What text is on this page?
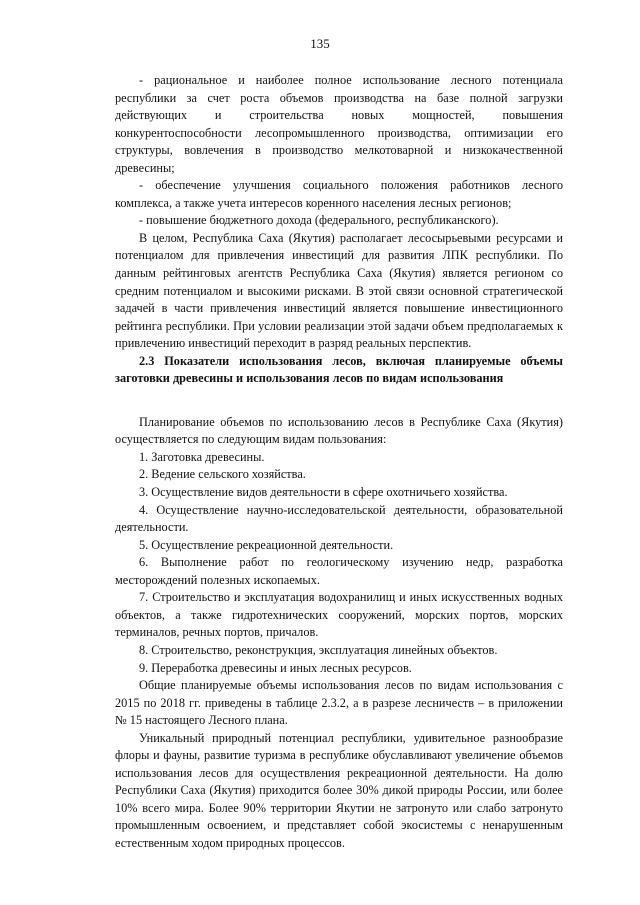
135

- рациональное и наиболее полное использование лесного потенциала республики за счет роста объемов производства на базе полной загрузки действующих и строительства новых мощностей, повышения конкурентоспособности лесопромышленного производства, оптимизации его структуры, вовлечения в производство мелкотоварной и низкокачественной древесины;

- обеспечение улучшения социального положения работников лесного комплекса, а также учета интересов коренного населения лесных регионов;

- повышение бюджетного дохода (федерального, республиканского).

В целом, Республика Саха (Якутия) располагает лесосырьевыми ресурсами и потенциалом для привлечения инвестиций для развития ЛПК республики. По данным рейтинговых агентств Республика Саха (Якутия) является регионом со средним потенциалом и высокими рисками. В этой связи основной стратегической задачей в части привлечения инвестиций является повышение инвестиционного рейтинга республики. При условии реализации этой задачи объем предполагаемых к привлечению инвестиций переходит в разряд реальных перспектив.

2.3 Показатели использования лесов, включая планируемые объемы заготовки древесины и использования лесов по видам использования

Планирование объемов по использованию лесов в Республике Саха (Якутия) осуществляется по следующим видам пользования:

1. Заготовка древесины.

2. Ведение сельского хозяйства.

3. Осуществление видов деятельности в сфере охотничьего хозяйства.

4. Осуществление научно-исследовательской деятельности, образовательной деятельности.

5. Осуществление рекреационной деятельности.

6. Выполнение работ по геологическому изучению недр, разработка месторождений полезных ископаемых.

7. Строительство и эксплуатация водохранилищ и иных искусственных водных объектов, а также гидротехнических сооружений, морских портов, морских терминалов, речных портов, причалов.

8. Строительство, реконструкция, эксплуатация линейных объектов.

9. Переработка древесины и иных лесных ресурсов.

Общие планируемые объемы использования лесов по видам использования с 2015 по 2018 гг. приведены в таблице 2.3.2, а в разрезе лесничеств – в приложении № 15 настоящего Лесного плана.

Уникальный природный потенциал республики, удивительное разнообразие флоры и фауны, развитие туризма в республике обуславливают увеличение объемов использования лесов для осуществления рекреационной деятельности. На долю Республики Саха (Якутия) приходится более 30% дикой природы России, или более 10% всего мира. Более 90% территории Якутии не затронуто или слабо затронуто промышленным освоением, и представляет собой экосистемы с ненарушенным естественным ходом природных процессов.
